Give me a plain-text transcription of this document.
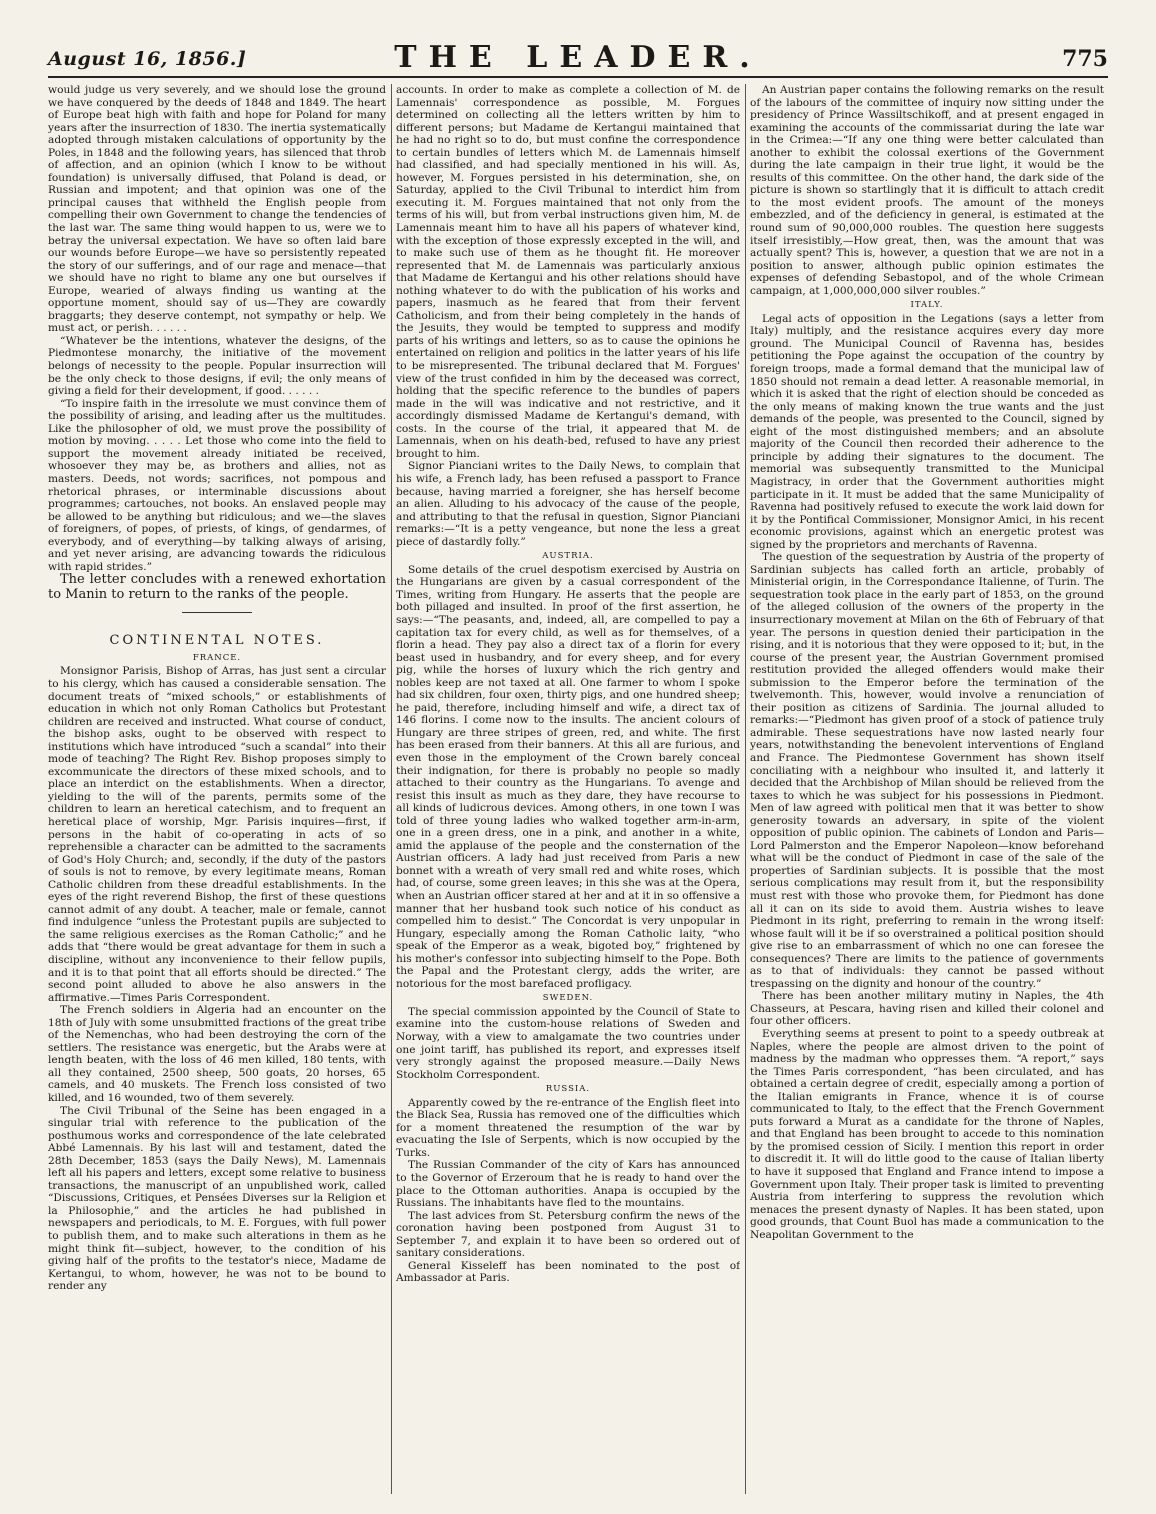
August 16, 1856.]	THE LEADER.	775

would judge us very severely, and we should lose the ground we have conquered by the deeds of 1848 and 1849. The heart of Europe beat high with faith and hope for Poland for many years after the insurrection of 1830. The inertia systematically adopted through mistaken calculations of opportunity by the Poles, in 1848 and the following years, has silenced that throb of affection, and an opinion (which I know to be without foundation) is universally diffused, that Poland is dead, or Russian and impotent; and that opinion was one of the principal causes that withheld the English people from compelling their own Government to change the tendencies of the last war. The same thing would happen to us, were we to betray the universal expectation. We have so often laid bare our wounds before Europe—we have so persistently repeated the story of our sufferings, and of our rage and menace—that we should have no right to blame any one but ourselves if Europe, wearied of always finding us wanting at the opportune moment, should say of us—They are cowardly braggarts; they deserve contempt, not sympathy or help. We must act, or perish. . . . . .

“Whatever be the intentions, whatever the designs, of the Piedmontese monarchy, the initiative of the movement belongs of necessity to the people. Popular insurrection will be the only check to those designs, if evil; the only means of giving a field for their development, if good. . . . . .

“To inspire faith in the irresolute we must convince them of the possibility of arising, and leading after us the multitudes. Like the philosopher of old, we must prove the possibility of motion by moving. . . . . Let those who come into the field to support the movement already initiated be received, whosoever they may be, as brothers and allies, not as masters. Deeds, not words; sacrifices, not pompous and rhetorical phrases, or interminable discussions about programmes; cartouches, not books. An enslaved people may be allowed to be anything but ridiculous; and we—the slaves of foreigners, of popes, of priests, of kings, of gendarmes, of everybody, and of everything—by talking always of arising, and yet never arising, are advancing towards the ridiculous with rapid strides.”

The letter concludes with a renewed exhortation to Manin to return to the ranks of the people.

CONTINENTAL NOTES.
FRANCE.

Monsignor Parisis, Bishop of Arras, has just sent a circular to his clergy, which has caused a considerable sensation. The document treats of “mixed schools,” or establishments of education in which not only Roman Catholics but Protestant children are received and instructed. What course of conduct, the bishop asks, ought to be observed with respect to institutions which have introduced “such a scandal” into their mode of teaching? The Right Rev. Bishop proposes simply to excommunicate the directors of these mixed schools, and to place an interdict on the establishments. When a director, yielding to the will of the parents, permits some of the children to learn an heretical catechism, and to frequent an heretical place of worship, Mgr. Parisis inquires—first, if persons in the habit of co-operating in acts of so reprehensible a character can be admitted to the sacraments of God's Holy Church; and, secondly, if the duty of the pastors of souls is not to remove, by every legitimate means, Roman Catholic children from these dreadful establishments. In the eyes of the right reverend Bishop, the first of these questions cannot admit of any doubt. A teacher, male or female, cannot find indulgence “unless the Protestant pupils are subjected to the same religious exercises as the Roman Catholic;” and he adds that “there would be great advantage for them in such a discipline, without any inconvenience to their fellow pupils, and it is to that point that all efforts should be directed.” The second point alluded to above he also answers in the affirmative.—Times Paris Correspondent.

The French soldiers in Algeria had an encounter on the 18th of July with some unsubmitted fractions of the great tribe of the Nemenchas, who had been destroying the corn of the settlers. The resistance was energetic, but the Arabs were at length beaten, with the loss of 46 men killed, 180 tents, with all they contained, 2500 sheep, 500 goats, 20 horses, 65 camels, and 40 muskets. The French loss consisted of two killed, and 16 wounded, two of them severely.

The Civil Tribunal of the Seine has been engaged in a singular trial with reference to the publication of the posthumous works and correspondence of the late celebrated Abbé Lamennais. By his last will and testament, dated the 28th December, 1853 (says the Daily News), M. Lamennais left all his papers and letters, except some relative to business transactions, the manuscript of an unpublished work, called “Discussions, Critiques, et Pensées Diverses sur la Religion et la Philosophie,” and the articles he had published in newspapers and periodicals, to M. E. Forgues, with full power to publish them, and to make such alterations in them as he might think fit—subject, however, to the condition of his giving half of the profits to the testator's niece, Madame de Kertangui, to whom, however, he was not to be bound to render any

accounts. In order to make as complete a collection of M. de Lamennais' correspondence as possible, M. Forgues determined on collecting all the letters written by him to different persons; but Madame de Kertangui maintained that he had no right so to do, but must confine the correspondence to certain bundles of letters which M. de Lamennais himself had classified, and had specially mentioned in his will. As, however, M. Forgues persisted in his determination, she, on Saturday, applied to the Civil Tribunal to interdict him from executing it. M. Forgues maintained that not only from the terms of his will, but from verbal instructions given him, M. de Lamennais meant him to have all his papers of whatever kind, with the exception of those expressly excepted in the will, and to make such use of them as he thought fit. He moreover represented that M. de Lamennais was particularly anxious that Madame de Kertangui and his other relations should have nothing whatever to do with the publication of his works and papers, inasmuch as he feared that from their fervent Catholicism, and from their being completely in the hands of the Jesuits, they would be tempted to suppress and modify parts of his writings and letters, so as to cause the opinions he entertained on religion and politics in the latter years of his life to be misrepresented. The tribunal declared that M. Forgues' view of the trust confided in him by the deceased was correct, holding that the specific reference to the bundles of papers made in the will was indicative and not restrictive, and it accordingly dismissed Madame de Kertangui's demand, with costs. In the course of the trial, it appeared that M. de Lamennais, when on his death-bed, refused to have any priest brought to him.

Signor Pianciani writes to the Daily News, to complain that his wife, a French lady, has been refused a passport to France because, having married a foreigner, she has herself become an alien. Alluding to his advocacy of the cause of the people, and attributing to that the refusal in question, Signor Pianciani remarks:—“It is a petty vengeance, but none the less a great piece of dastardly folly.”

AUSTRIA.

Some details of the cruel despotism exercised by Austria on the Hungarians are given by a casual correspondent of the Times, writing from Hungary. He asserts that the people are both pillaged and insulted. In proof of the first assertion, he says:—“The peasants, and, indeed, all, are compelled to pay a capitation tax for every child, as well as for themselves, of a florin a head. They pay also a direct tax of a florin for every beast used in husbandry, and for every sheep, and for every pig, while the horses of luxury which the rich gentry and nobles keep are not taxed at all. One farmer to whom I spoke had six children, four oxen, thirty pigs, and one hundred sheep; he paid, therefore, including himself and wife, a direct tax of 146 florins. I come now to the insults. The ancient colours of Hungary are three stripes of green, red, and white. The first has been erased from their banners. At this all are furious, and even those in the employment of the Crown barely conceal their indignation, for there is probably no people so madly attached to their country as the Hungarians. To avenge and resist this insult as much as they dare, they have recourse to all kinds of ludicrous devices. Among others, in one town I was told of three young ladies who walked together arm-in-arm, one in a green dress, one in a pink, and another in a white, amid the applause of the people and the consternation of the Austrian officers. A lady had just received from Paris a new bonnet with a wreath of very small red and white roses, which had, of course, some green leaves; in this she was at the Opera, when an Austrian officer stared at her and at it in so offensive a manner that her husband took such notice of his conduct as compelled him to desist.” The Concordat is very unpopular in Hungary, especially among the Roman Catholic laity, “who speak of the Emperor as a weak, bigoted boy,” frightened by his mother's confessor into subjecting himself to the Pope. Both the Papal and the Protestant clergy, adds the writer, are notorious for the most barefaced profligacy.

SWEDEN.

The special commission appointed by the Council of State to examine into the custom-house relations of Sweden and Norway, with a view to amalgamate the two countries under one joint tariff, has published its report, and expresses itself very strongly against the proposed measure.—Daily News Stockholm Correspondent.

RUSSIA.

Apparently cowed by the re-entrance of the English fleet into the Black Sea, Russia has removed one of the difficulties which for a moment threatened the resumption of the war by evacuating the Isle of Serpents, which is now occupied by the Turks.

The Russian Commander of the city of Kars has announced to the Governor of Erzeroum that he is ready to hand over the place to the Ottoman authorities. Anapa is occupied by the Russians. The inhabitants have fled to the mountains.

The last advices from St. Petersburg confirm the news of the coronation having been postponed from August 31 to September 7, and explain it to have been so ordered out of sanitary considerations.

General Kisseleff has been nominated to the post of Ambassador at Paris.

An Austrian paper contains the following remarks on the result of the labours of the committee of inquiry now sitting under the presidency of Prince Wassiltschikoff, and at present engaged in examining the accounts of the commissariat during the late war in the Crimea:—“If any one thing were better calculated than another to exhibit the colossal exertions of the Government during the late campaign in their true light, it would be the results of this committee. On the other hand, the dark side of the picture is shown so startlingly that it is difficult to attach credit to the most evident proofs. The amount of the moneys embezzled, and of the deficiency in general, is estimated at the round sum of 90,000,000 roubles. The question here suggests itself irresistibly,—How great, then, was the amount that was actually spent? This is, however, a question that we are not in a position to answer, although public opinion estimates the expenses of defending Sebastopol, and of the whole Crimean campaign, at 1,000,000,000 silver roubles.”

ITALY.

Legal acts of opposition in the Legations (says a letter from Italy) multiply, and the resistance acquires every day more ground. The Municipal Council of Ravenna has, besides petitioning the Pope against the occupation of the country by foreign troops, made a formal demand that the municipal law of 1850 should not remain a dead letter. A reasonable memorial, in which it is asked that the right of election should be conceded as the only means of making known the true wants and the just demands of the people, was presented to the Council, signed by eight of the most distinguished members; and an absolute majority of the Council then recorded their adherence to the principle by adding their signatures to the document. The memorial was subsequently transmitted to the Municipal Magistracy, in order that the Government authorities might participate in it. It must be added that the same Municipality of Ravenna had positively refused to execute the work laid down for it by the Pontifical Commissioner, Monsignor Amici, in his recent economic provisions, against which an energetic protest was signed by the proprietors and merchants of Ravenna.

The question of the sequestration by Austria of the property of Sardinian subjects has called forth an article, probably of Ministerial origin, in the Correspondance Italienne, of Turin. The sequestration took place in the early part of 1853, on the ground of the alleged collusion of the owners of the property in the insurrectionary movement at Milan on the 6th of February of that year. The persons in question denied their participation in the rising, and it is notorious that they were opposed to it; but, in the course of the present year, the Austrian Government promised restitution provided the alleged offenders would make their submission to the Emperor before the termination of the twelvemonth. This, however, would involve a renunciation of their position as citizens of Sardinia. The journal alluded to remarks:—“Piedmont has given proof of a stock of patience truly admirable. These sequestrations have now lasted nearly four years, notwithstanding the benevolent interventions of England and France. The Piedmontese Government has shown itself conciliating with a neighbour who insulted it, and latterly it decided that the Archbishop of Milan should be relieved from the taxes to which he was subject for his possessions in Piedmont. Men of law agreed with political men that it was better to show generosity towards an adversary, in spite of the violent opposition of public opinion. The cabinets of London and Paris—Lord Palmerston and the Emperor Napoleon—know beforehand what will be the conduct of Piedmont in case of the sale of the properties of Sardinian subjects. It is possible that the most serious complications may result from it, but the responsibility must rest with those who provoke them, for Piedmont has done all it can on its side to avoid them. Austria wishes to leave Piedmont in its right, preferring to remain in the wrong itself: whose fault will it be if so overstrained a political position should give rise to an embarrassment of which no one can foresee the consequences? There are limits to the patience of governments as to that of individuals: they cannot be passed without trespassing on the dignity and honour of the country.”

There has been another military mutiny in Naples, the 4th Chasseurs, at Pescara, having risen and killed their colonel and four other officers.

Everything seems at present to point to a speedy outbreak at Naples, where the people are almost driven to the point of madness by the madman who oppresses them. “A report,” says the Times Paris correspondent, “has been circulated, and has obtained a certain degree of credit, especially among a portion of the Italian emigrants in France, whence it is of course communicated to Italy, to the effect that the French Government puts forward a Murat as a candidate for the throne of Naples, and that England has been brought to accede to this nomination by the promised cession of Sicily. I mention this report in order to discredit it. It will do little good to the cause of Italian liberty to have it supposed that England and France intend to impose a Government upon Italy. Their proper task is limited to preventing Austria from interfering to suppress the revolution which menaces the present dynasty of Naples. It has been stated, upon good grounds, that Count Buol has made a communication to the Neapolitan Government to the
